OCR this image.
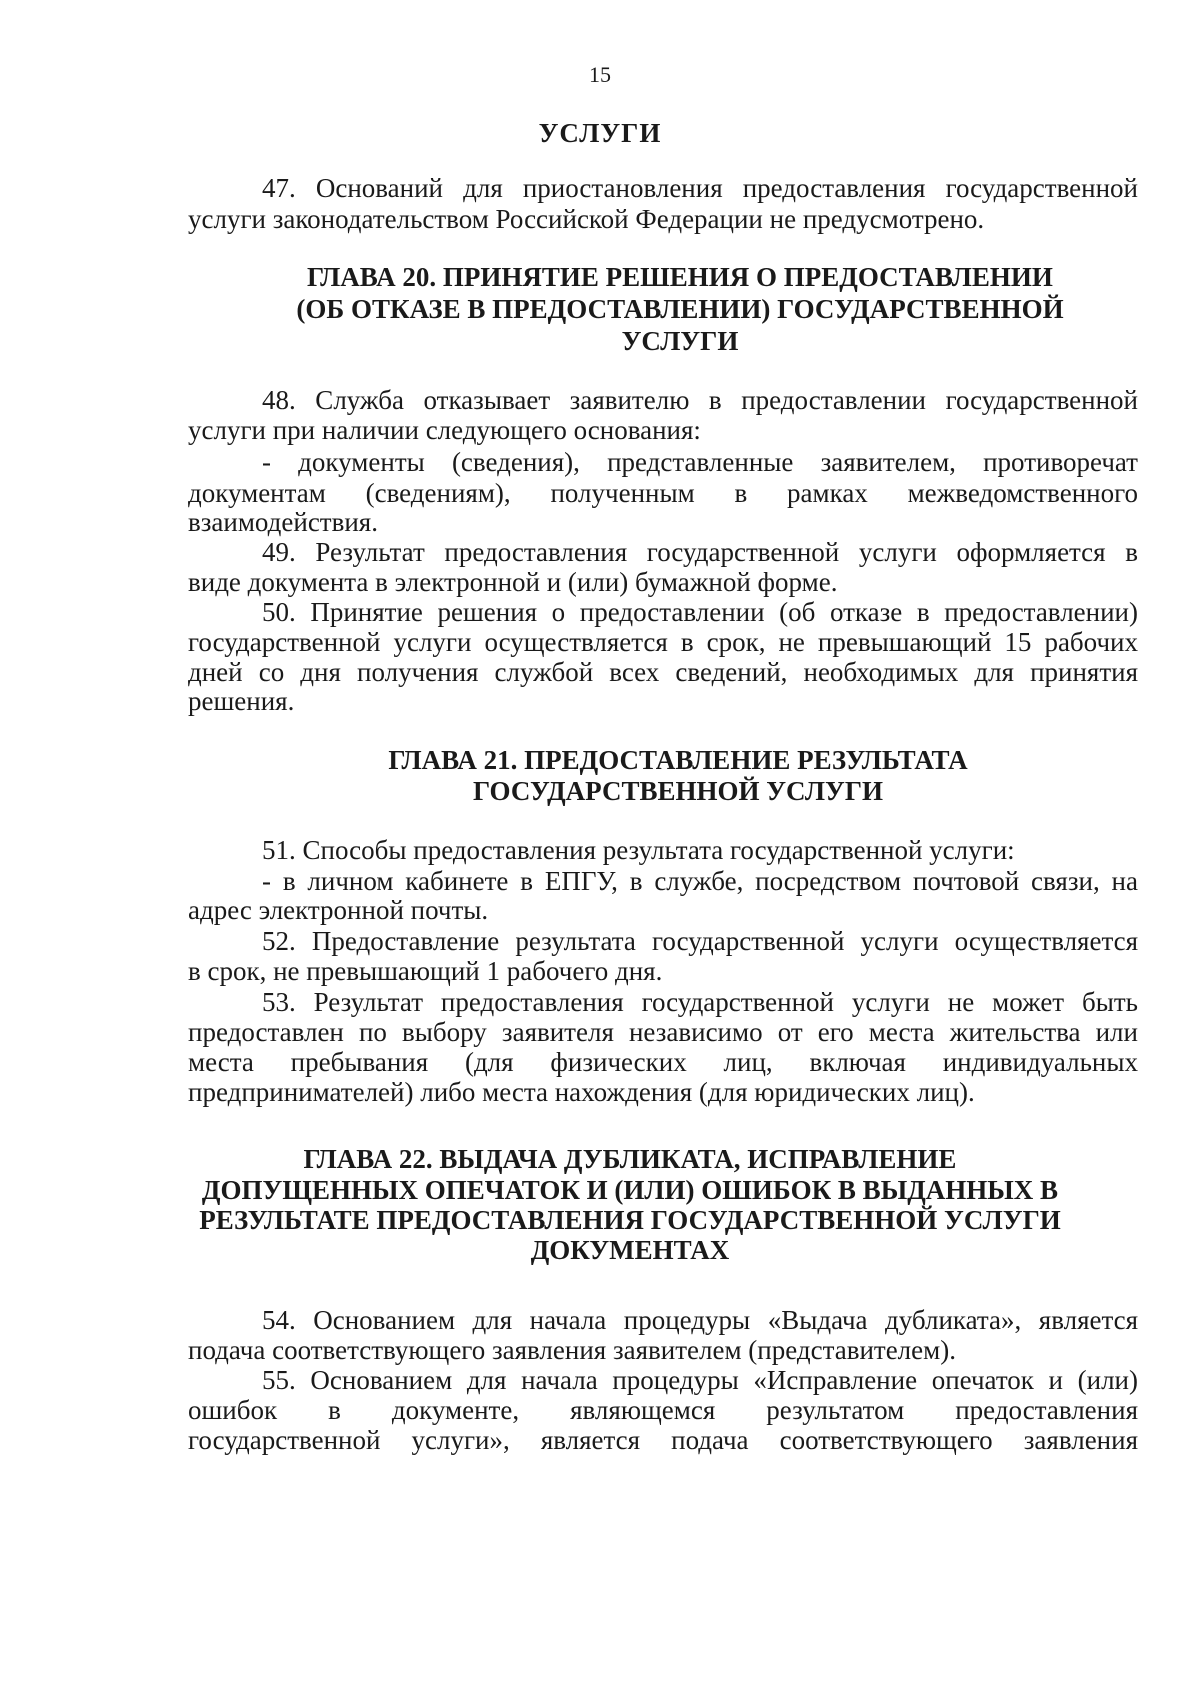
15
УСЛУГИ
47. Оснований для приостановления предоставления государственной
услуги законодательством Российской Федерации не предусмотрено.
ГЛАВА 20. ПРИНЯТИЕ РЕШЕНИЯ О ПРЕДОСТАВЛЕНИИ
(ОБ ОТКАЗЕ В ПРЕДОСТАВЛЕНИИ) ГОСУДАРСТВЕННОЙ
УСЛУГИ
48. Служба отказывает заявителю в предоставлении государственной
услуги при наличии следующего основания:
- документы (сведения), представленные заявителем, противоречат
документам (сведениям), полученным в рамках межведомственного
взаимодействия.
49. Результат предоставления государственной услуги оформляется в
виде документа в электронной и (или) бумажной форме.
50. Принятие решения о предоставлении (об отказе в предоставлении)
государственной услуги осуществляется в срок, не превышающий 15 рабочих
дней со дня получения службой всех сведений, необходимых для принятия
решения.
ГЛАВА 21. ПРЕДОСТАВЛЕНИЕ РЕЗУЛЬТАТА
ГОСУДАРСТВЕННОЙ УСЛУГИ
51. Способы предоставления результата государственной услуги:
- в личном кабинете в ЕПГУ, в службе, посредством почтовой связи, на
адрес электронной почты.
52. Предоставление результата государственной услуги осуществляется
в срок, не превышающий 1 рабочего дня.
53. Результат предоставления государственной услуги не может быть
предоставлен по выбору заявителя независимо от его места жительства или
места пребывания (для физических лиц, включая индивидуальных
предпринимателей) либо места нахождения (для юридических лиц).
ГЛАВА 22. ВЫДАЧА ДУБЛИКАТА, ИСПРАВЛЕНИЕ
ДОПУЩЕННЫХ ОПЕЧАТОК И (ИЛИ) ОШИБОК В ВЫДАННЫХ В
РЕЗУЛЬТАТЕ ПРЕДОСТАВЛЕНИЯ ГОСУДАРСТВЕННОЙ УСЛУГИ
ДОКУМЕНТАХ
54. Основанием для начала процедуры «Выдача дубликата», является
подача соответствующего заявления заявителем (представителем).
55. Основанием для начала процедуры «Исправление опечаток и (или)
ошибок в документе, являющемся результатом предоставления
государственной услуги», является подача соответствующего заявления
